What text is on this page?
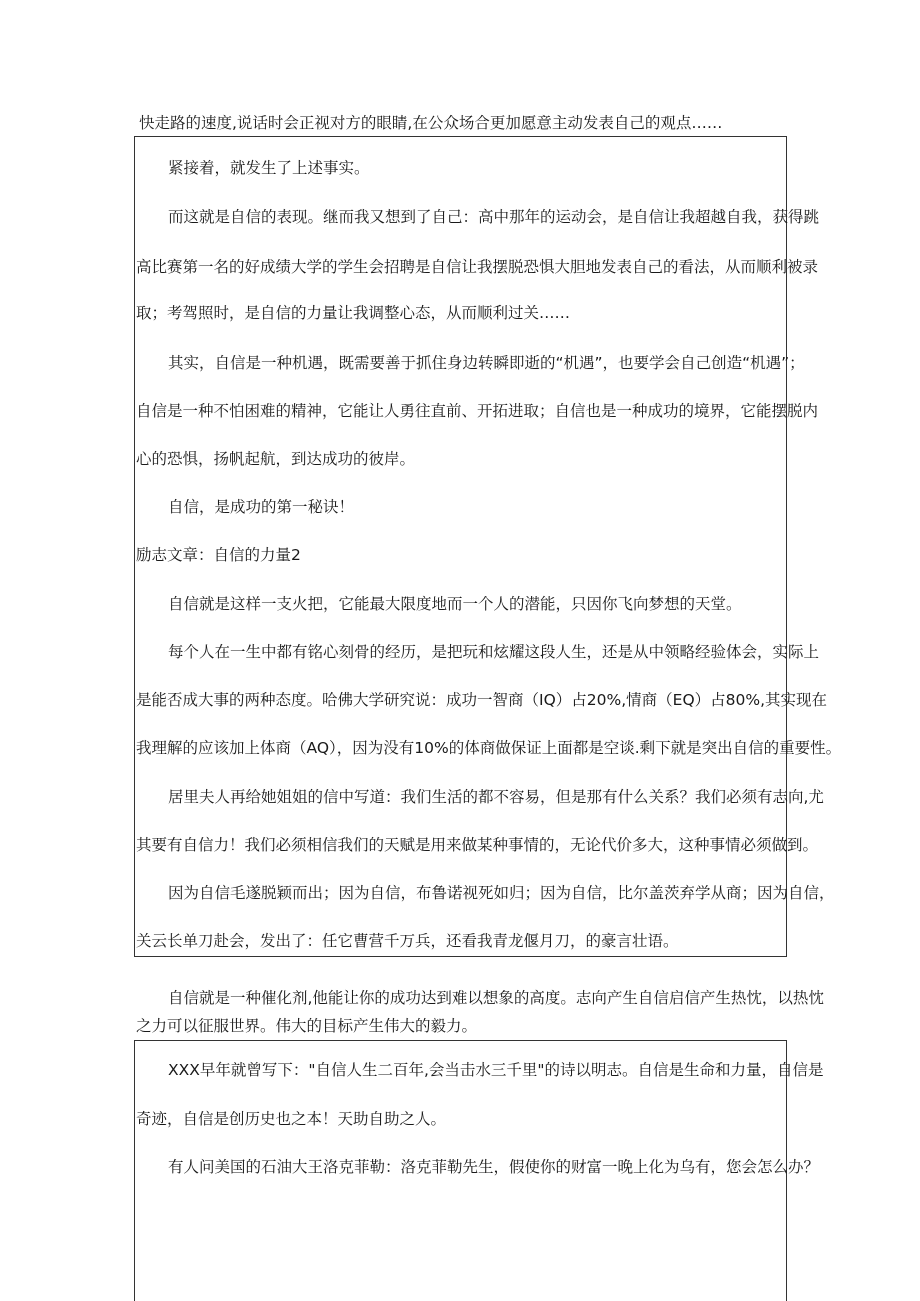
快走路的速度,说话时会正视对方的眼睛,在公众场合更加愿意主动发表自己的观点……
紧接着，就发生了上述事实。
而这就是自信的表现。继而我又想到了自己：高中那年的运动会，是自信让我超越自我，获得跳
高比赛第一名的好成绩大学的学生会招聘是自信让我摆脱恐惧大胆地发表自己的看法，从而顺利被录
取；考驾照时，是自信的力量让我调整心态，从而顺利过关……
其实，自信是一种机遇，既需要善于抓住身边转瞬即逝的“机遇”，也要学会自己创造“机遇”；
自信是一种不怕困难的精神，它能让人勇往直前、开拓进取；自信也是一种成功的境界，它能摆脱内
心的恐惧，扬帆起航，到达成功的彼岸。
自信，是成功的第一秘诀！
励志文章：自信的力量2
自信就是这样一支火把，它能最大限度地而一个人的潜能，只因你飞向梦想的天堂。
每个人在一生中都有铭心刻骨的经历，是把玩和炫耀这段人生，还是从中领略经验体会，实际上
是能否成大事的两种态度。哈佛大学研究说：成功一智商（IQ）占20%,情商（EQ）占80%,其实现在
我理解的应该加上体商（AQ），因为没有10%的体商做保证上面都是空谈.剩下就是突出自信的重要性。
居里夫人再给她姐姐的信中写道：我们生活的都不容易，但是那有什么关系？我们必须有志向,尤
其要有自信力！我们必须相信我们的天赋是用来做某种事情的，无论代价多大，这种事情必须做到。
因为自信毛遂脱颖而出；因为自信，布鲁诺视死如归；因为自信，比尔盖茨弃学从商；因为自信，
关云长单刀赴会，发出了：任它曹营千万兵，还看我青龙偃月刀，的豪言壮语。
自信就是一种催化剂,他能让你的成功达到难以想象的高度。志向产生自信启信产生热忱，以热忱
之力可以征服世界。伟大的目标产生伟大的毅力。
XXX早年就曾写下："自信人生二百年,会当击水三千里"的诗以明志。自信是生命和力量，自信是
奇迹，自信是创历史也之本！天助自助之人。
有人问美国的石油大王洛克菲勒：洛克菲勒先生，假使你的财富一晚上化为乌有，您会怎么办？
